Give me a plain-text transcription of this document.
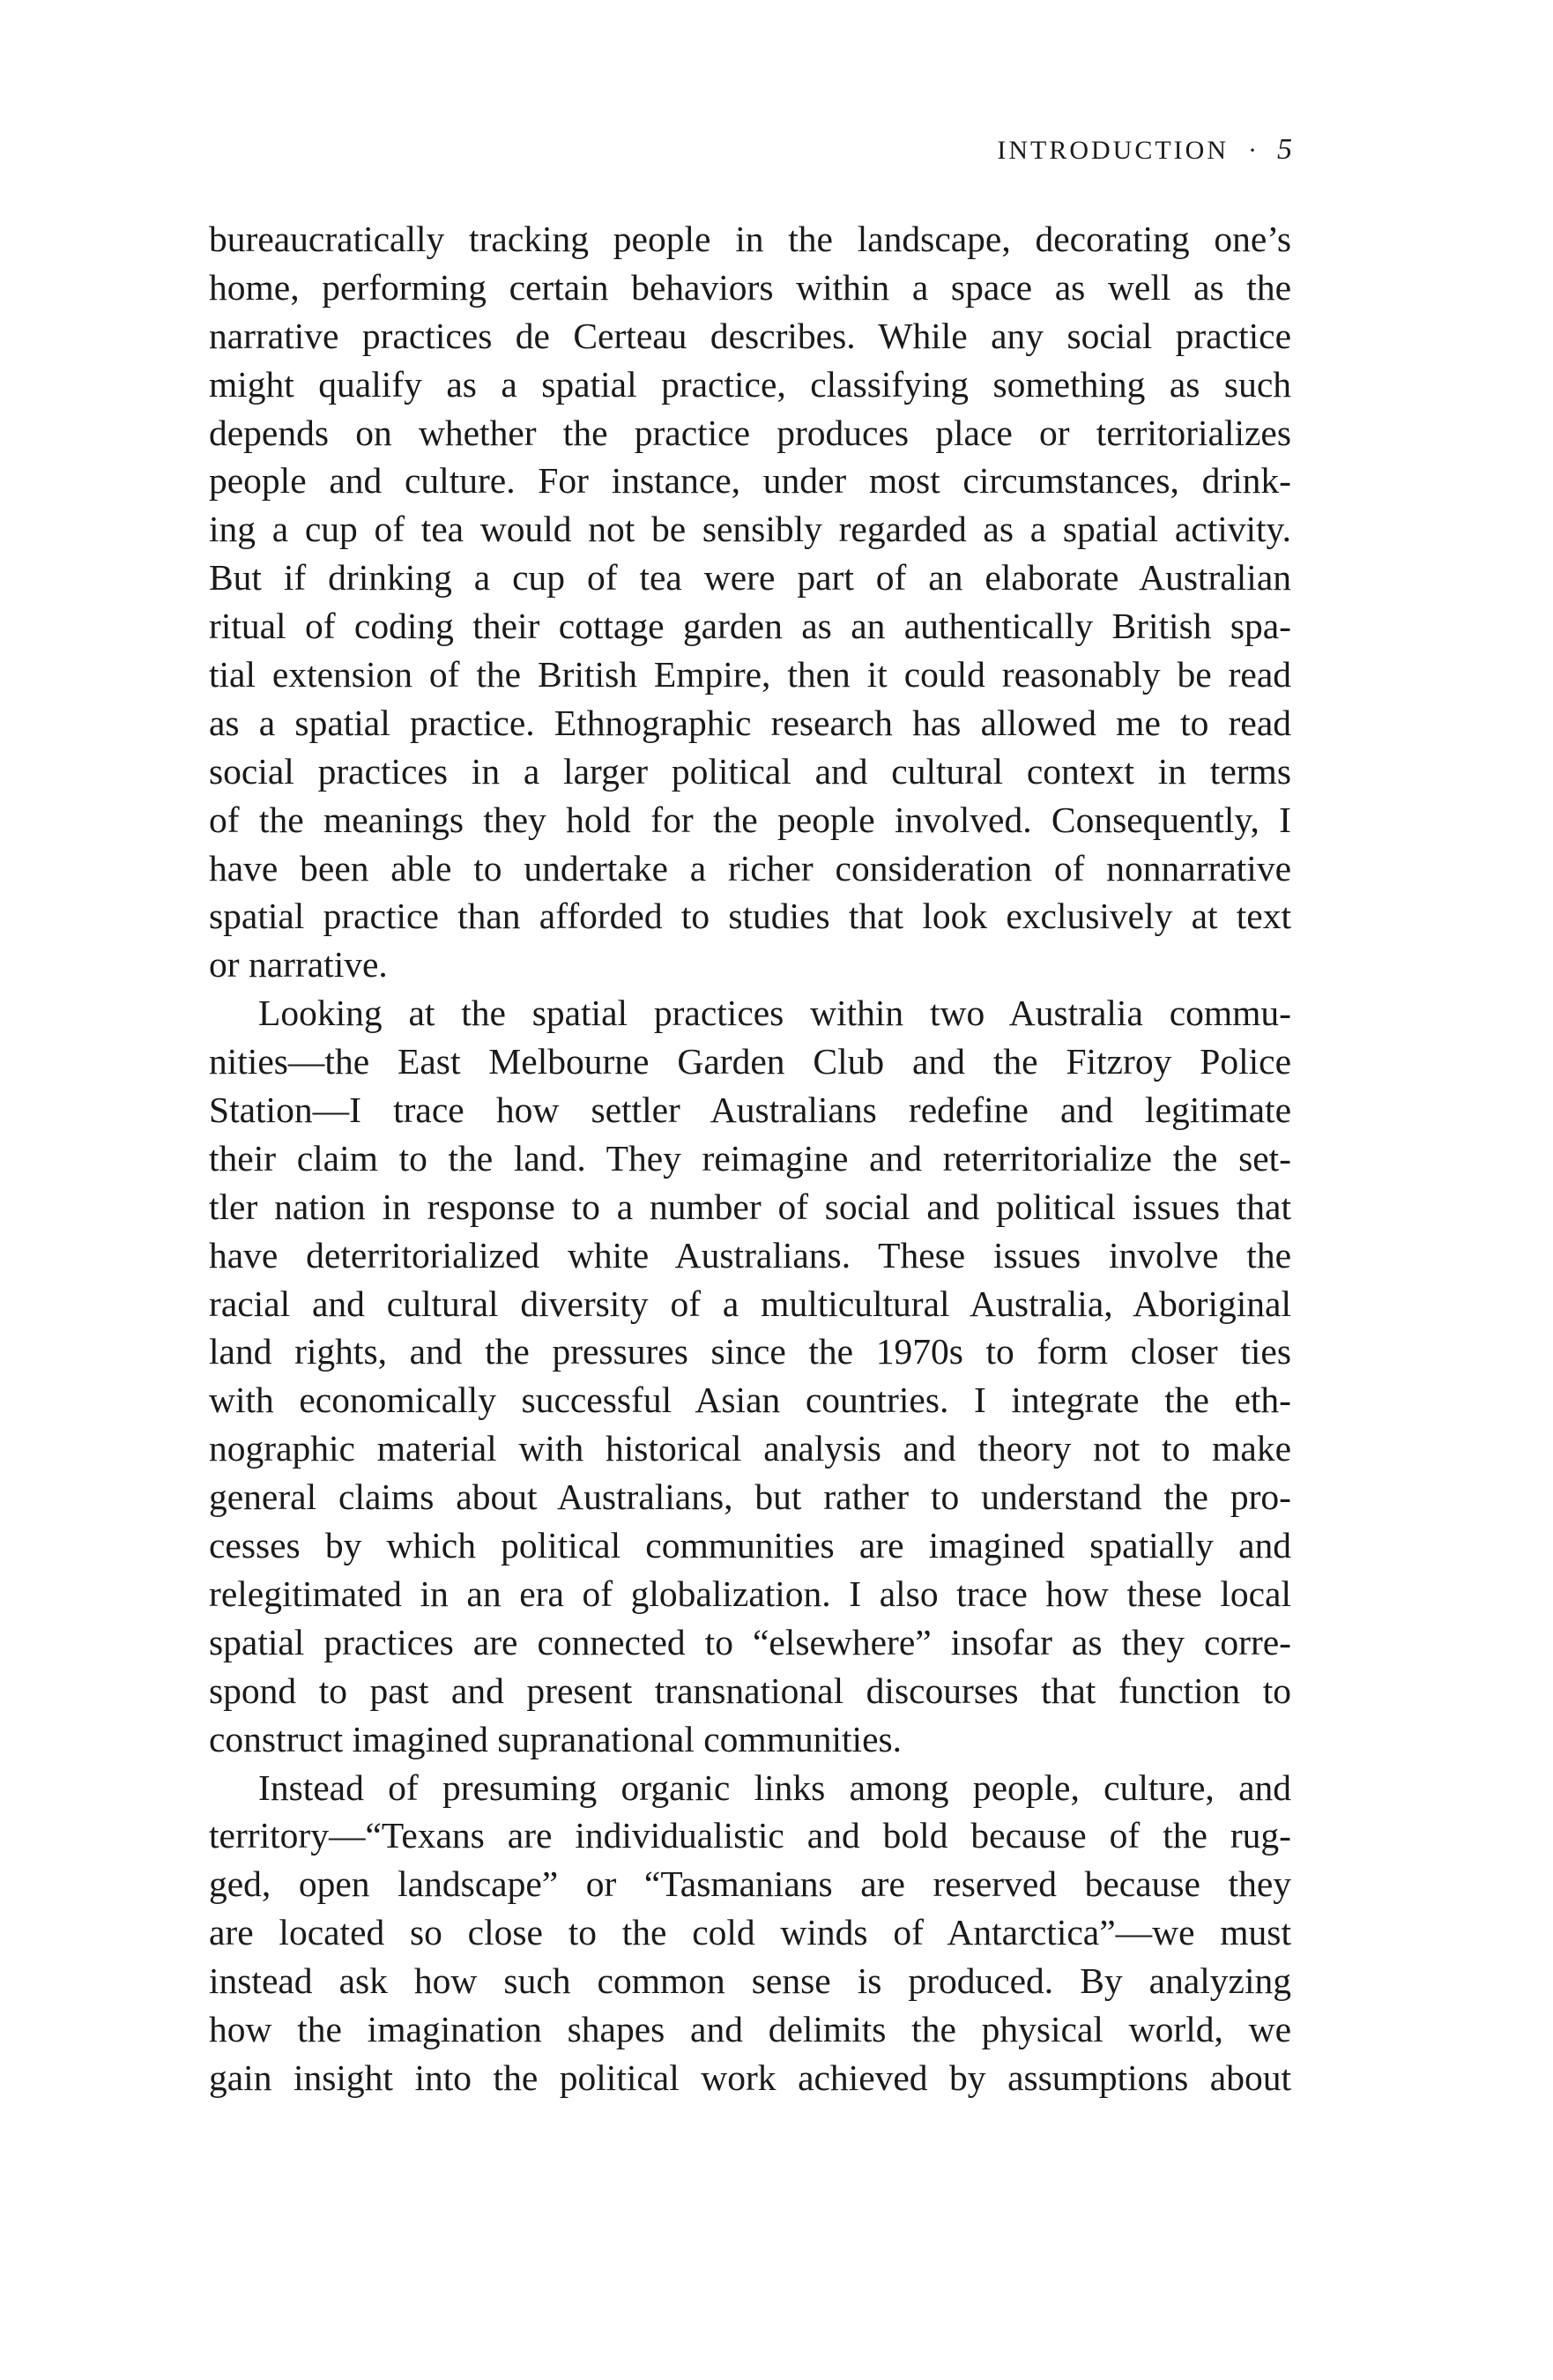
INTRODUCTION · 5
bureaucratically tracking people in the landscape, decorating one’s
home, performing certain behaviors within a space as well as the
narrative practices de Certeau describes. While any social practice
might qualify as a spatial practice, classifying something as such
depends on whether the practice produces place or territorializes
people and culture. For instance, under most circumstances, drink-
ing a cup of tea would not be sensibly regarded as a spatial activity.
But if drinking a cup of tea were part of an elaborate Australian
ritual of coding their cottage garden as an authentically British spa-
tial extension of the British Empire, then it could reasonably be read
as a spatial practice. Ethnographic research has allowed me to read
social practices in a larger political and cultural context in terms
of the meanings they hold for the people involved. Consequently, I
have been able to undertake a richer consideration of nonnarrative
spatial practice than afforded to studies that look exclusively at text
or narrative.
Looking at the spatial practices within two Australia commu-
nities—the East Melbourne Garden Club and the Fitzroy Police
Station—I trace how settler Australians redefine and legitimate
their claim to the land. They reimagine and reterritorialize the set-
tler nation in response to a number of social and political issues that
have deterritorialized white Australians. These issues involve the
racial and cultural diversity of a multicultural Australia, Aboriginal
land rights, and the pressures since the 1970s to form closer ties
with economically successful Asian countries. I integrate the eth-
nographic material with historical analysis and theory not to make
general claims about Australians, but rather to understand the pro-
cesses by which political communities are imagined spatially and
relegitimated in an era of globalization. I also trace how these local
spatial practices are connected to “elsewhere” insofar as they corre-
spond to past and present transnational discourses that function to
construct imagined supranational communities.
Instead of presuming organic links among people, culture, and
territory—“Texans are individualistic and bold because of the rug-
ged, open landscape” or “Tasmanians are reserved because they
are located so close to the cold winds of Antarctica”—we must
instead ask how such common sense is produced. By analyzing
how the imagination shapes and delimits the physical world, we
gain insight into the political work achieved by assumptions about
